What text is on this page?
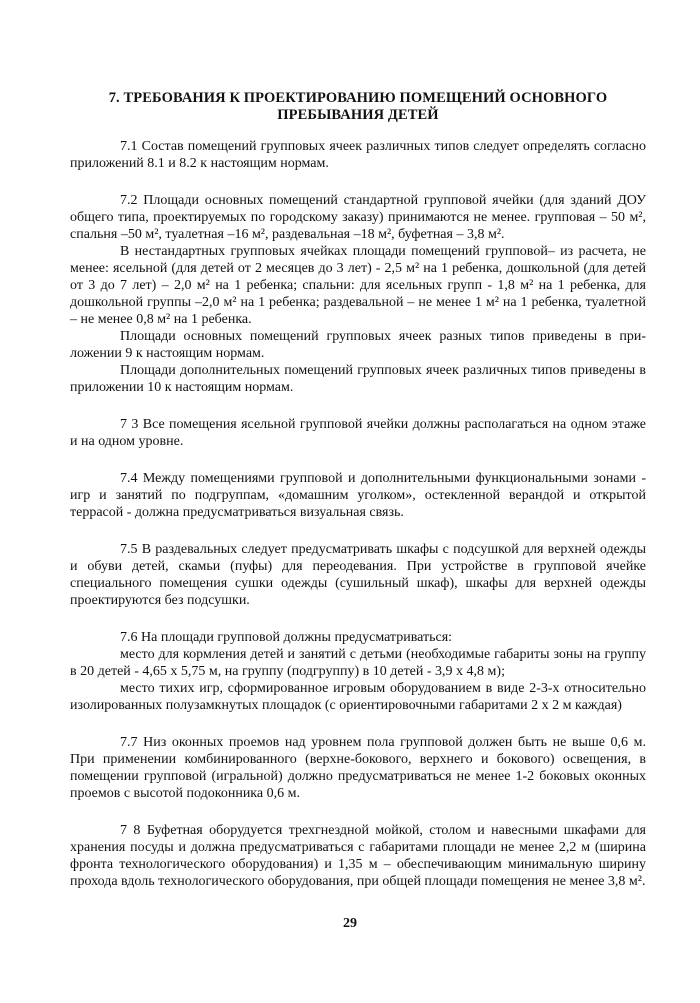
7. ТРЕБОВАНИЯ К ПРОЕКТИРОВАНИЮ ПОМЕЩЕНИЙ ОСНОВНОГО
ПРЕБЫВАНИЯ ДЕТЕЙ

7.1 Состав помещений групповых ячеек различных типов следует определять согласно приложений 8.1 и 8.2 к настоящим нормам.

7.2 Площади основных помещений стандартной групповой ячейки (для зданий ДОУ общего типа, проектируемых по городскому заказу) принимаются не менее. групповая – 50 м², спальня –50 м², туалетная –16 м², раздевальная –18 м², буфетная – 3,8 м².

В нестандартных групповых ячейках площади помещений групповой– из расчета, не менее: ясельной (для детей от 2 месяцев до 3 лет) - 2,5 м² на 1 ребенка, дошкольной (для детей от 3 до 7 лет) – 2,0 м² на 1 ребенка; спальни: для ясельных групп - 1,8 м² на 1 ребенка, для дошкольной группы –2,0 м² на 1 ребенка; раздевальной – не менее 1 м² на 1 ребенка, туалетной – не менее 0,8 м² на 1 ребенка.

Площади основных помещений групповых ячеек разных типов приведены в приложении 9 к настоящим нормам.

Площади дополнительных помещений групповых ячеек различных типов приведены в приложении 10 к настоящим нормам.

7 3 Все помещения ясельной групповой ячейки должны располагаться на одном этаже и на одном уровне.

7.4 Между помещениями групповой и дополнительными функциональными зонами - игр и занятий по подгруппам, «домашним уголком», остекленной верандой и открытой террасой - должна предусматриваться визуальная связь.

7.5 В раздевальных следует предусматривать шкафы с подсушкой для верхней одежды и обуви детей, скамьи (пуфы) для переодевания. При устройстве в групповой ячейке специального помещения сушки одежды (сушильный шкаф), шкафы для верхней одежды проектируются без подсушки.

7.6 На площади групповой должны предусматриваться:

место для кормления детей и занятий с детьми (необходимые габариты зоны на группу в 20 детей - 4,65 х 5,75 м, на группу (подгруппу) в 10 детей - 3,9 х 4,8 м);

место тихих игр, сформированное игровым оборудованием в виде 2-3-х относительно изолированных полузамкнутых площадок (с ориентировочными габаритами 2 х 2 м каждая)

7.7 Низ оконных проемов над уровнем пола групповой должен быть не выше 0,6 м. При применении комбинированного (верхне-бокового, верхнего и бокового) освещения, в помещении групповой (игральной) должно предусматриваться не менее 1-2 боковых оконных проемов с высотой подоконника 0,6 м.

7 8 Буфетная оборудуется трехгнездной мойкой, столом и навесными шкафами для хранения посуды и должна предусматриваться с габаритами площади не менее 2,2 м (ширина фронта технологического оборудования) и 1,35 м – обеспечивающим минимальную ширину прохода вдоль технологического оборудования, при общей площади помещения не менее 3,8 м².

29
